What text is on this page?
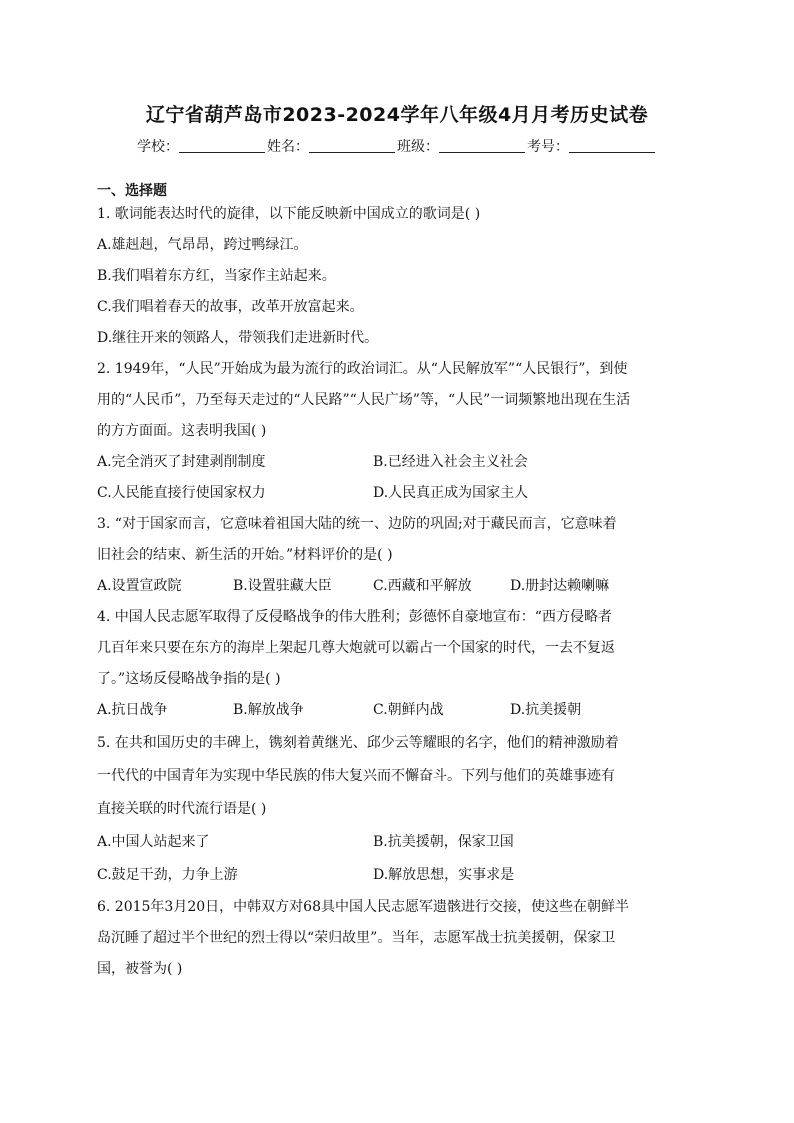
辽宁省葫芦岛市2023-2024学年八年级4月月考历史试卷
学校：	姓名：	班级：	考号：
一、选择题
1. 歌词能表达时代的旋律，以下能反映新中国成立的歌词是( )
A.雄赳赳，气昂昂，跨过鸭绿江。
B.我们唱着东方红，当家作主站起来。
C.我们唱着春天的故事，改革开放富起来。
D.继往开来的领路人，带领我们走进新时代。
2. 1949年，“人民”开始成为最为流行的政治词汇。从“人民解放军”“人民银行”，到使
用的“人民币”，乃至每天走过的“人民路”“人民广场”等，“人民”一词频繁地出现在生活
的方方面面。这表明我国( )
A.完全消灭了封建剥削制度	B.已经进入社会主义社会
C.人民能直接行使国家权力	D.人民真正成为国家主人
3. “对于国家而言，它意味着祖国大陆的统一、边防的巩固;对于藏民而言，它意味着
旧社会的结束、新生活的开始。”材料评价的是( )
A.设置宣政院	B.设置驻藏大臣	C.西藏和平解放	D.册封达赖喇嘛
4. 中国人民志愿军取得了反侵略战争的伟大胜利；彭德怀自豪地宣布：“西方侵略者
几百年来只要在东方的海岸上架起几尊大炮就可以霸占一个国家的时代，一去不复返
了。”这场反侵略战争指的是( )
A.抗日战争	B.解放战争	C.朝鲜内战	D.抗美援朝
5. 在共和国历史的丰碑上，镌刻着黄继光、邱少云等耀眼的名字，他们的精神激励着
一代代的中国青年为实现中华民族的伟大复兴而不懈奋斗。下列与他们的英雄事迹有
直接关联的时代流行语是( )
A.中国人站起来了	B.抗美援朝，保家卫国
C.鼓足干劲，力争上游	D.解放思想，实事求是
6. 2015年3月20日，中韩双方对68具中国人民志愿军遗骸进行交接，使这些在朝鲜半
岛沉睡了超过半个世纪的烈士得以“荣归故里”。当年，志愿军战士抗美援朝，保家卫
国，被誉为( )
